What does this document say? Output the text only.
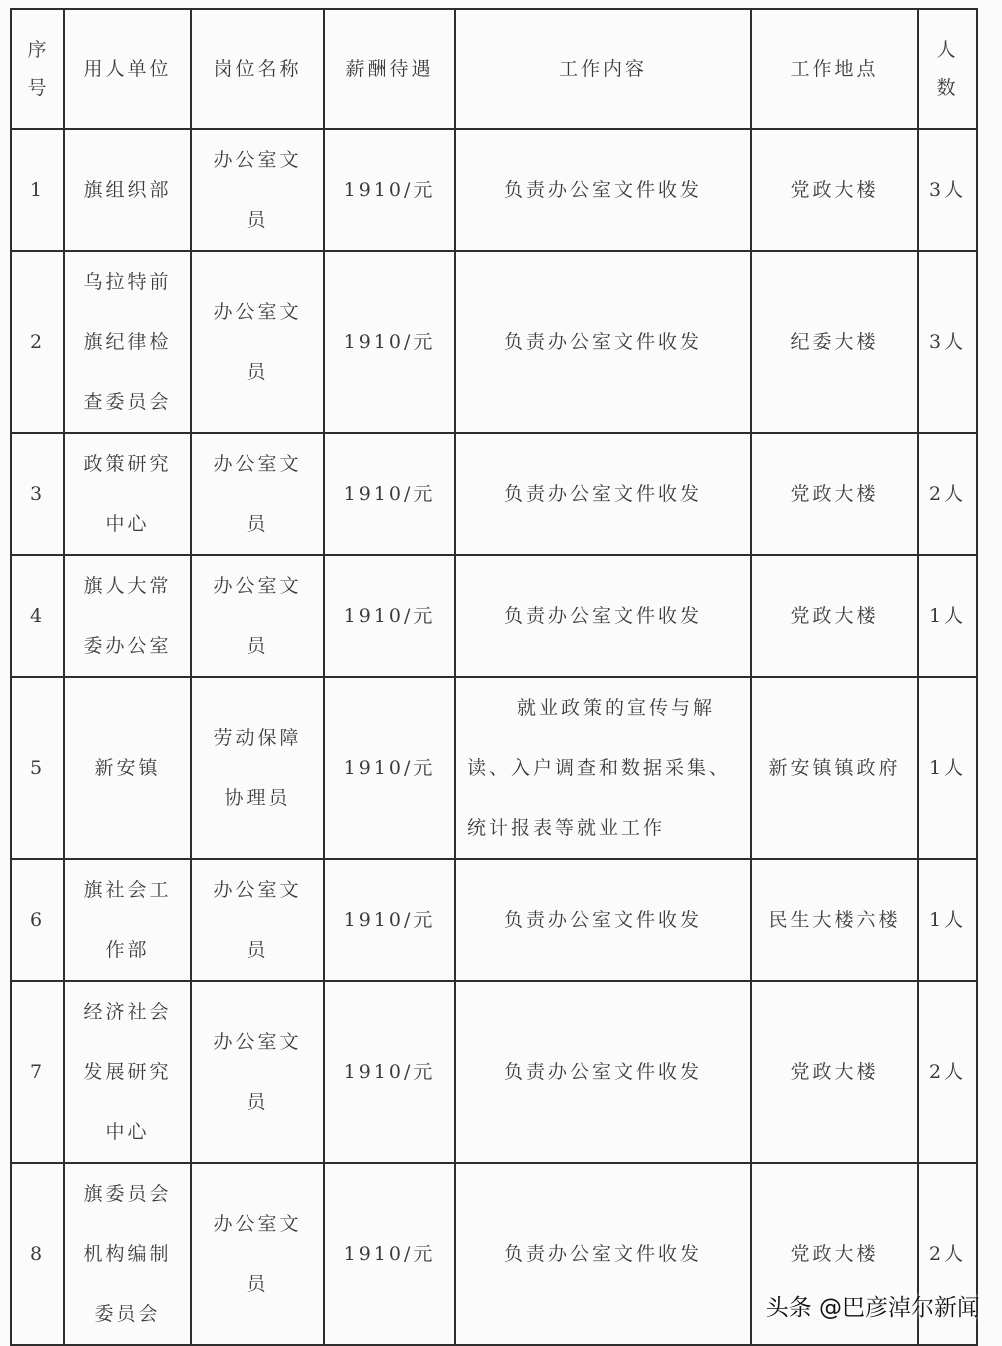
序号	用人单位	岗位名称	薪酬待遇	工作内容	工作地点	人数
1	旗组织部	办公室文员	1910/元	负责办公室文件收发	党政大楼	3人
2	乌拉特前旗纪律检查委员会	办公室文员	1910/元	负责办公室文件收发	纪委大楼	3人
3	政策研究中心	办公室文员	1910/元	负责办公室文件收发	党政大楼	2人
4	旗人大常委办公室	办公室文员	1910/元	负责办公室文件收发	党政大楼	1人
5	新安镇	劳动保障协理员	1910/元	就业政策的宣传与解读、入户调查和数据采集、统计报表等就业工作	新安镇镇政府	1人
6	旗社会工作部	办公室文员	1910/元	负责办公室文件收发	民生大楼六楼	1人
7	经济社会发展研究中心	办公室文员	1910/元	负责办公室文件收发	党政大楼	2人
8	旗委员会机构编制委员会	办公室文员	1910/元	负责办公室文件收发	党政大楼	2人
头条 @巴彦淖尔新闻
